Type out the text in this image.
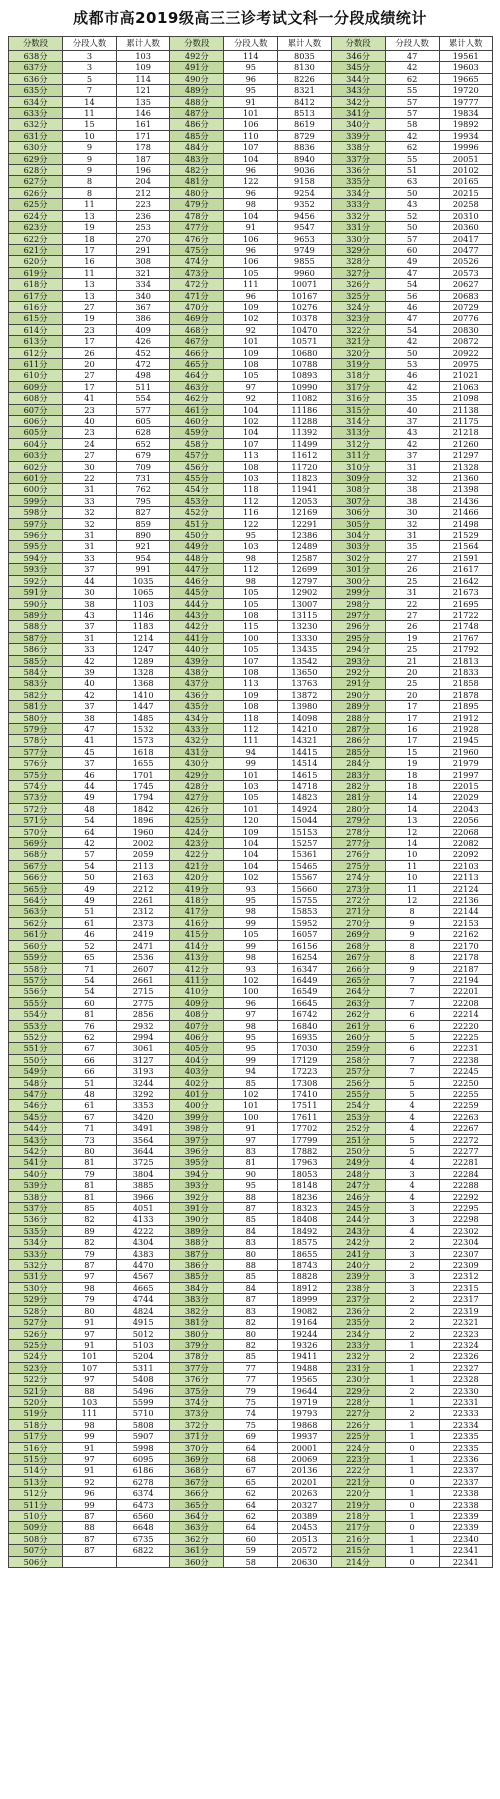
成都市高2019级高三三诊考试文科一分段成绩统计
分数段	分段人数	累计人数	分数段	分段人数	累计人数	分数段	分段人数	累计人数
638分	3	103	492分	114	8035	346分	47	19561
637分	3	109	491分	95	8130	345分	42	19603
636分	5	114	490分	96	8226	344分	62	19665
635分	7	121	489分	95	8321	343分	55	19720
634分	14	135	488分	91	8412	342分	57	19777
633分	11	146	487分	101	8513	341分	57	19834
632分	15	161	486分	106	8619	340分	58	19892
631分	10	171	485分	110	8729	339分	42	19934
630分	9	178	484分	107	8836	338分	62	19996
629分	9	187	483分	104	8940	337分	55	20051
628分	9	196	482分	96	9036	336分	51	20102
627分	8	204	481分	122	9158	335分	63	20165
626分	8	212	480分	96	9254	334分	50	20215
625分	11	223	479分	98	9352	333分	43	20258
624分	13	236	478分	104	9456	332分	52	20310
623分	19	253	477分	91	9547	331分	50	20360
622分	18	270	476分	106	9653	330分	57	20417
621分	17	291	475分	96	9749	329分	60	20477
620分	16	308	474分	106	9855	328分	49	20526
619分	11	321	473分	105	9960	327分	47	20573
618分	13	334	472分	111	10071	326分	54	20627
617分	13	340	471分	96	10167	325分	56	20683
616分	27	367	470分	109	10276	324分	46	20729
615分	19	386	469分	102	10378	323分	47	20776
614分	23	409	468分	92	10470	322分	54	20830
613分	17	426	467分	101	10571	321分	42	20872
612分	26	452	466分	109	10680	320分	50	20922
611分	20	472	465分	108	10788	319分	53	20975
610分	27	498	464分	105	10893	318分	46	21021
609分	17	511	463分	97	10990	317分	42	21063
608分	41	554	462分	92	11082	316分	35	21098
607分	23	577	461分	104	11186	315分	40	21138
606分	40	605	460分	102	11288	314分	37	21175
605分	23	628	459分	104	11392	313分	43	21218
604分	24	652	458分	107	11499	312分	42	21260
603分	27	679	457分	113	11612	311分	37	21297
602分	30	709	456分	108	11720	310分	31	21328
601分	22	731	455分	103	11823	309分	32	21360
600分	31	762	454分	118	11941	308分	38	21398
599分	33	795	453分	112	12053	307分	38	21436
598分	32	827	452分	116	12169	306分	30	21466
597分	32	859	451分	122	12291	305分	32	21498
596分	31	890	450分	95	12386	304分	31	21529
595分	31	921	449分	103	12489	303分	35	21564
594分	33	954	448分	98	12587	302分	27	21591
593分	37	991	447分	112	12699	301分	26	21617
592分	44	1035	446分	98	12797	300分	25	21642
591分	30	1065	445分	105	12902	299分	31	21673
590分	38	1103	444分	105	13007	298分	22	21695
589分	43	1146	443分	108	13115	297分	27	21722
588分	37	1183	442分	115	13230	296分	26	21748
587分	31	1214	441分	100	13330	295分	19	21767
586分	33	1247	440分	105	13435	294分	25	21792
585分	42	1289	439分	107	13542	293分	21	21813
584分	39	1328	438分	108	13650	292分	20	21833
583分	40	1368	437分	113	13763	291分	25	21858
582分	42	1410	436分	109	13872	290分	20	21878
581分	37	1447	435分	108	13980	289分	17	21895
580分	38	1485	434分	118	14098	288分	17	21912
579分	47	1532	433分	112	14210	287分	16	21928
578分	41	1573	432分	111	14321	286分	17	21945
577分	45	1618	431分	94	14415	285分	15	21960
576分	37	1655	430分	99	14514	284分	19	21979
575分	46	1701	429分	101	14615	283分	18	21997
574分	44	1745	428分	103	14718	282分	18	22015
573分	49	1794	427分	105	14823	281分	14	22029
572分	48	1842	426分	101	14924	280分	14	22043
571分	54	1896	425分	120	15044	279分	13	22056
570分	64	1960	424分	109	15153	278分	12	22068
569分	42	2002	423分	104	15257	277分	14	22082
568分	57	2059	422分	104	15361	276分	10	22092
567分	54	2113	421分	104	15465	275分	11	22103
566分	50	2163	420分	102	15567	274分	10	22113
565分	49	2212	419分	93	15660	273分	11	22124
564分	49	2261	418分	95	15755	272分	12	22136
563分	51	2312	417分	98	15853	271分	8	22144
562分	61	2373	416分	99	15952	270分	9	22153
561分	46	2419	415分	105	16057	269分	9	22162
560分	52	2471	414分	99	16156	268分	8	22170
559分	65	2536	413分	98	16254	267分	8	22178
558分	71	2607	412分	93	16347	266分	9	22187
557分	54	2661	411分	102	16449	265分	7	22194
556分	54	2715	410分	100	16549	264分	7	22201
555分	60	2775	409分	96	16645	263分	7	22208
554分	81	2856	408分	97	16742	262分	6	22214
553分	76	2932	407分	98	16840	261分	6	22220
552分	62	2994	406分	95	16935	260分	5	22225
551分	67	3061	405分	95	17030	259分	6	22231
550分	66	3127	404分	99	17129	258分	7	22238
549分	66	3193	403分	94	17223	257分	7	22245
548分	51	3244	402分	85	17308	256分	5	22250
547分	48	3292	401分	102	17410	255分	5	22255
546分	61	3353	400分	101	17511	254分	4	22259
545分	67	3420	399分	100	17611	253分	4	22263
544分	71	3491	398分	91	17702	252分	4	22267
543分	73	3564	397分	97	17799	251分	5	22272
542分	80	3644	396分	83	17882	250分	5	22277
541分	81	3725	395分	81	17963	249分	4	22281
540分	79	3804	394分	90	18053	248分	3	22284
539分	81	3885	393分	95	18148	247分	4	22288
538分	81	3966	392分	88	18236	246分	4	22292
537分	85	4051	391分	87	18323	245分	3	22295
536分	82	4133	390分	85	18408	244分	3	22298
535分	89	4222	389分	84	18492	243分	4	22302
534分	82	4304	388分	83	18575	242分	2	22304
533分	79	4383	387分	80	18655	241分	3	22307
532分	87	4470	386分	88	18743	240分	2	22309
531分	97	4567	385分	85	18828	239分	3	22312
530分	98	4665	384分	84	18912	238分	3	22315
529分	79	4744	383分	87	18999	237分	2	22317
528分	80	4824	382分	83	19082	236分	2	22319
527分	91	4915	381分	82	19164	235分	2	22321
526分	97	5012	380分	80	19244	234分	2	22323
525分	91	5103	379分	82	19326	233分	1	22324
524分	101	5204	378分	85	19411	232分	2	22326
523分	107	5311	377分	77	19488	231分	1	22327
522分	97	5408	376分	77	19565	230分	1	22328
521分	88	5496	375分	79	19644	229分	2	22330
520分	103	5599	374分	75	19719	228分	1	22331
519分	111	5710	373分	74	19793	227分	2	22333
518分	98	5808	372分	75	19868	226分	1	22334
517分	99	5907	371分	69	19937	225分	1	22335
516分	91	5998	370分	64	20001	224分	0	22335
515分	97	6095	369分	68	20069	223分	1	22336
514分	91	6186	368分	67	20136	222分	1	22337
513分	92	6278	367分	65	20201	221分	0	22337
512分	96	6374	366分	62	20263	220分	1	22338
511分	99	6473	365分	64	20327	219分	0	22338
510分	87	6560	364分	62	20389	218分	1	22339
509分	88	6648	363分	64	20453	217分	0	22339
508分	87	6735	362分	60	20513	216分	1	22340
507分	87	6822	361分	59	20572	215分	1	22341
506分			360分	58	20630	214分	0	22341
